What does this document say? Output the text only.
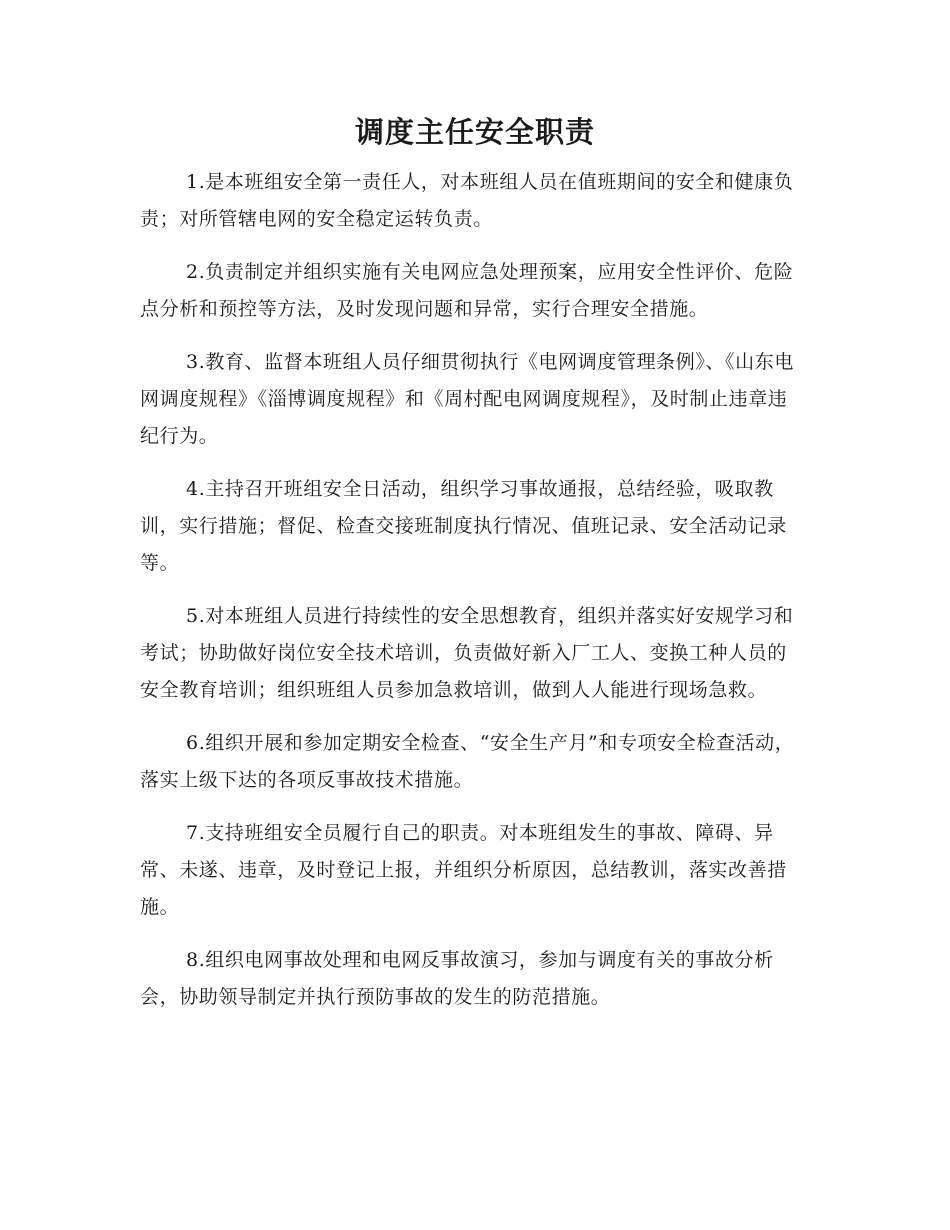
调度主任安全职责

1.是本班组安全第一责任人，对本班组人员在值班期间的安全和健康负责；对所管辖电网的安全稳定运转负责。

2.负责制定并组织实施有关电网应急处理预案，应用安全性评价、危险点分析和预控等方法，及时发现问题和异常，实行合理安全措施。

3.教育、监督本班组人员仔细贯彻执行《电网调度管理条例》、《山东电网调度规程》《淄博调度规程》和《周村配电网调度规程》，及时制止违章违纪行为。

4.主持召开班组安全日活动，组织学习事故通报，总结经验，吸取教训，实行措施；督促、检查交接班制度执行情况、值班记录、安全活动记录等。

5.对本班组人员进行持续性的安全思想教育，组织并落实好安规学习和考试；协助做好岗位安全技术培训，负责做好新入厂工人、变换工种人员的安全教育培训；组织班组人员参加急救培训，做到人人能进行现场急救。

6.组织开展和参加定期安全检查、“安全生产月”和专项安全检查活动，落实上级下达的各项反事故技术措施。

7.支持班组安全员履行自己的职责。对本班组发生的事故、障碍、异常、未遂、违章，及时登记上报，并组织分析原因，总结教训，落实改善措施。

8.组织电网事故处理和电网反事故演习，参加与调度有关的事故分析会，协助领导制定并执行预防事故的发生的防范措施。
